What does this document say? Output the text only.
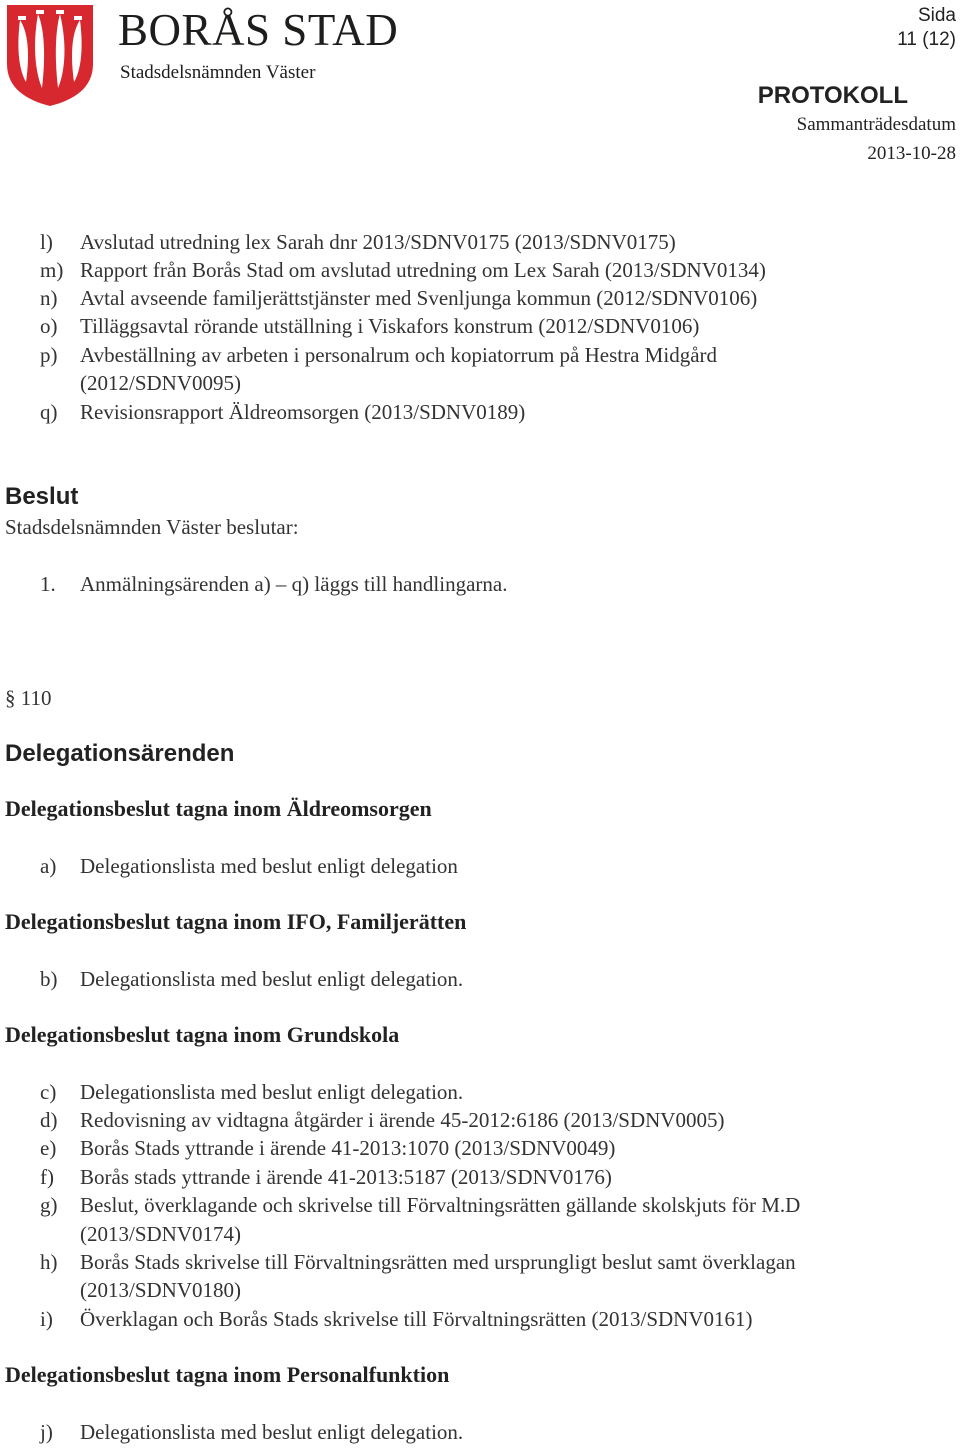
BORÅS STAD
Stadsdelsnämnden Väster
Sida
11 (12)
PROTOKOLL
Sammanträdesdatum
2013-10-28
l) Avslutad utredning lex Sarah dnr 2013/SDNV0175 (2013/SDNV0175)
m) Rapport från Borås Stad om avslutad utredning om Lex Sarah (2013/SDNV0134)
n) Avtal avseende familjerättstjänster med Svenljunga kommun (2012/SDNV0106)
o) Tilläggsavtal rörande utställning i Viskafors konstrum (2012/SDNV0106)
p) Avbeställning av arbeten i personalrum och kopiatorrum på Hestra Midgård
(2012/SDNV0095)
q) Revisionsrapport Äldreomsorgen (2013/SDNV0189)
Beslut
Stadsdelsnämnden Väster beslutar:
1. Anmälningsärenden a) – q) läggs till handlingarna.
§ 110
Delegationsärenden
Delegationsbeslut tagna inom Äldreomsorgen
a) Delegationslista med beslut enligt delegation
Delegationsbeslut tagna inom IFO, Familjerätten
b) Delegationslista med beslut enligt delegation.
Delegationsbeslut tagna inom Grundskola
c) Delegationslista med beslut enligt delegation.
d) Redovisning av vidtagna åtgärder i ärende 45-2012:6186 (2013/SDNV0005)
e) Borås Stads yttrande i ärende 41-2013:1070 (2013/SDNV0049)
f) Borås stads yttrande i ärende 41-2013:5187 (2013/SDNV0176)
g) Beslut, överklagande och skrivelse till Förvaltningsrätten gällande skolskjuts för M.D
(2013/SDNV0174)
h) Borås Stads skrivelse till Förvaltningsrätten med ursprungligt beslut samt överklagan
(2013/SDNV0180)
i) Överklagan och Borås Stads skrivelse till Förvaltningsrätten (2013/SDNV0161)
Delegationsbeslut tagna inom Personalfunktion
j) Delegationslista med beslut enligt delegation.
